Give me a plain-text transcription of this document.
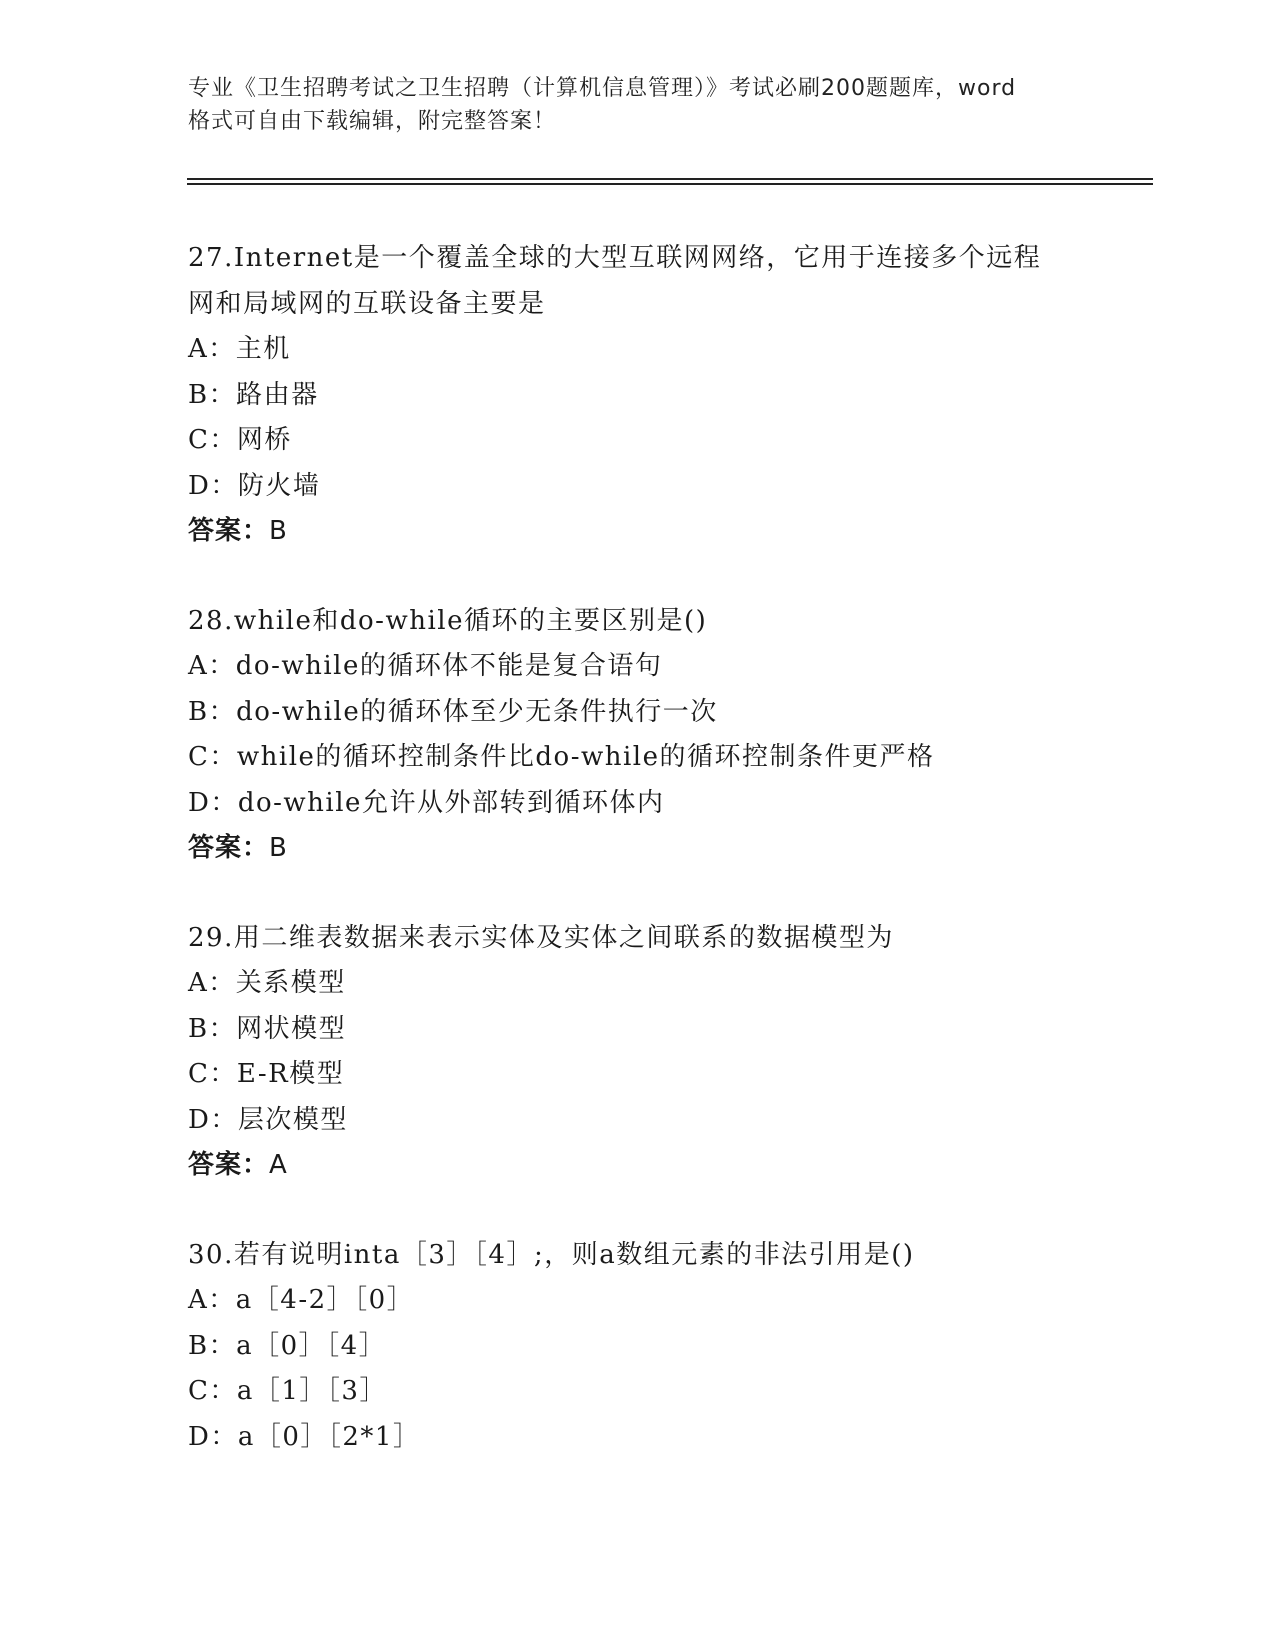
专业《卫生招聘考试之卫生招聘（计算机信息管理）》考试必刷200题题库，word
格式可自由下载编辑，附完整答案！
27.Internet是一个覆盖全球的大型互联网网络，它用于连接多个远程
网和局域网的互联设备主要是
A：主机
B：路由器
C：网桥
D：防火墙
答案：B
28.while和do-while循环的主要区别是()
A：do-while的循环体不能是复合语句
B：do-while的循环体至少无条件执行一次
C：while的循环控制条件比do-while的循环控制条件更严格
D：do-while允许从外部转到循环体内
答案：B
29.用二维表数据来表示实体及实体之间联系的数据模型为
A：关系模型
B：网状模型
C：E-R模型
D：层次模型
答案：A
30.若有说明inta［3］［4］;，则a数组元素的非法引用是()
A：a［4-2］［0］
B：a［0］［4］
C：a［1］［3］
D：a［0］［2*1］
